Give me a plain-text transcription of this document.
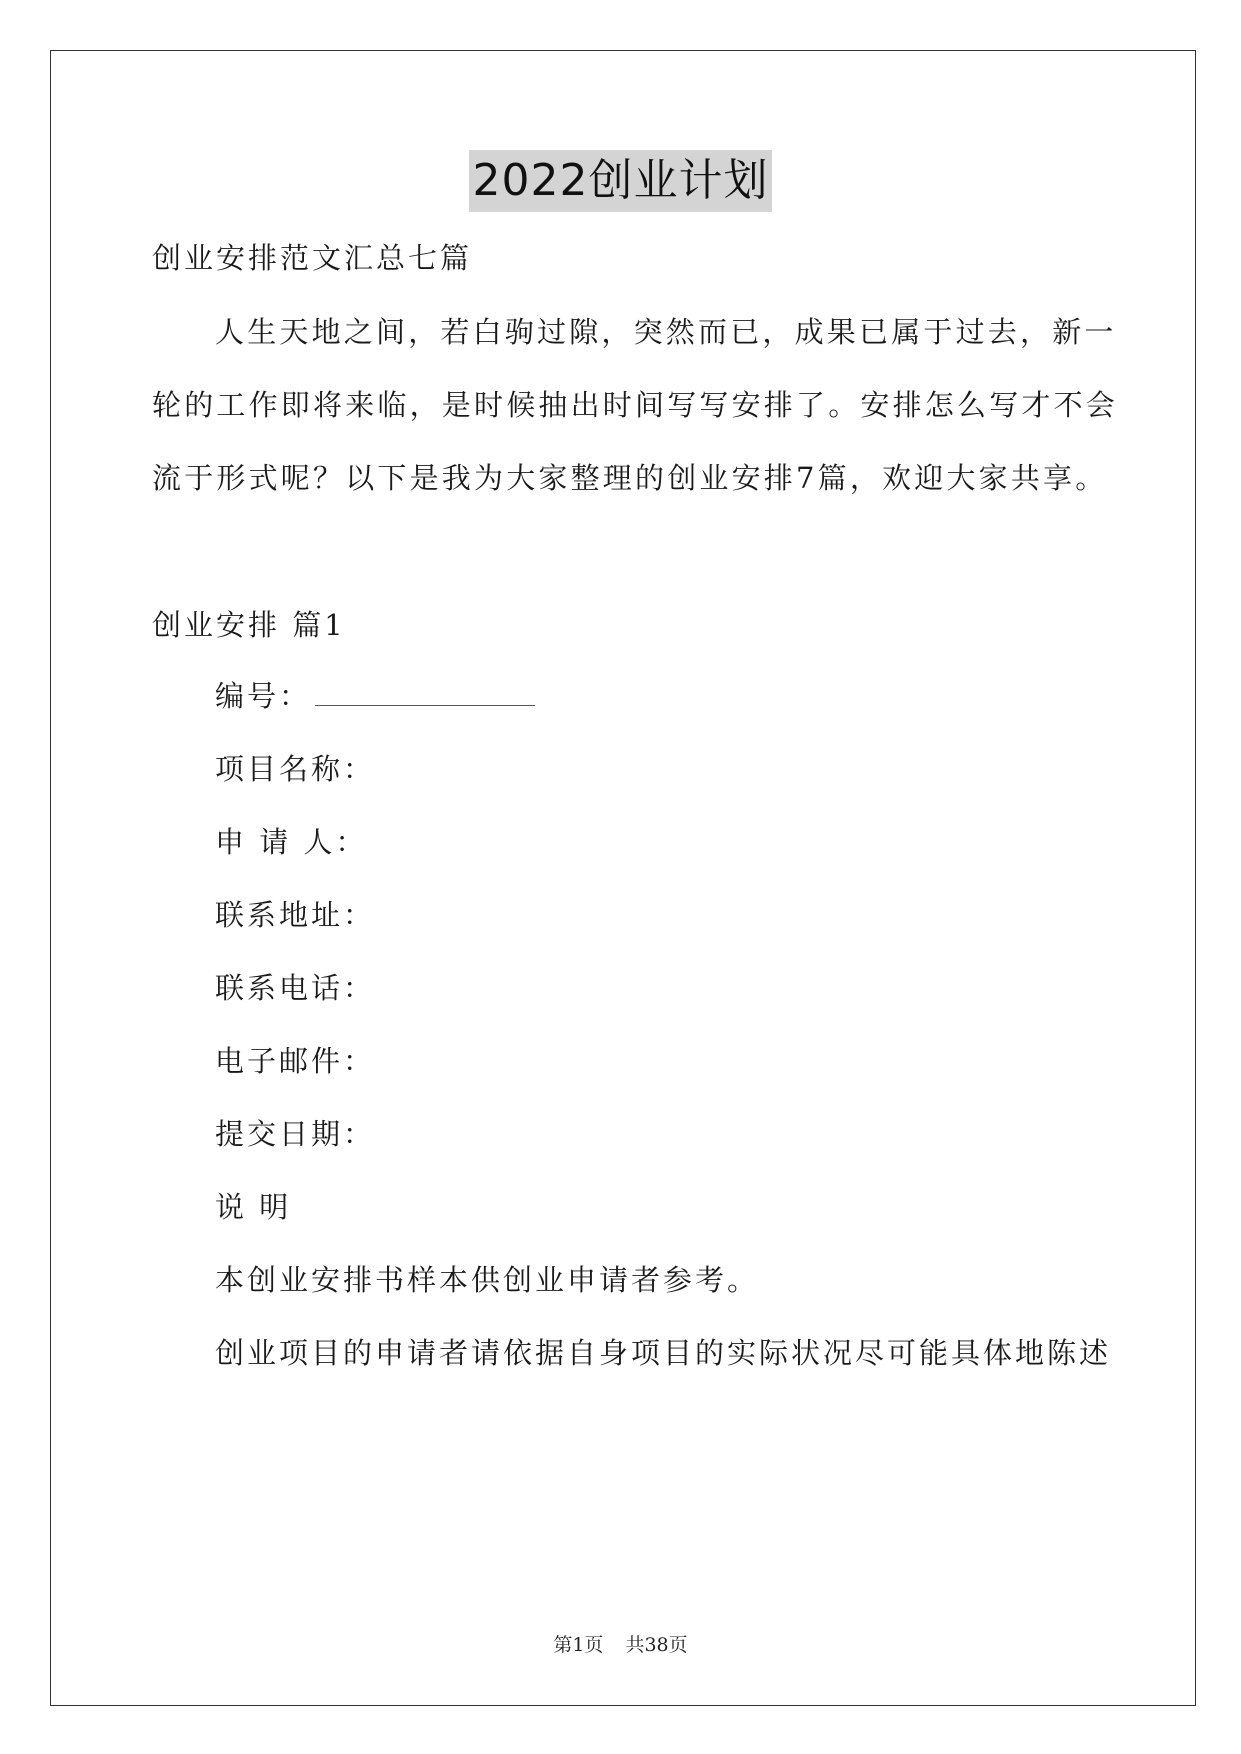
2022创业计划

创业安排范文汇总七篇

人生天地之间，若白驹过隙，突然而已，成果已属于过去，新一

轮的工作即将来临，是时候抽出时间写写安排了。安排怎么写才不会

流于形式呢？以下是我为大家整理的创业安排7篇，欢迎大家共享。

创业安排 篇1

编号：

项目名称：

申 请 人：

联系地址：

联系电话：

电子邮件：

提交日期：

说 明

本创业安排书样本供创业申请者参考。

创业项目的申请者请依据自身项目的实际状况尽可能具体地陈述

第1页 共38页
